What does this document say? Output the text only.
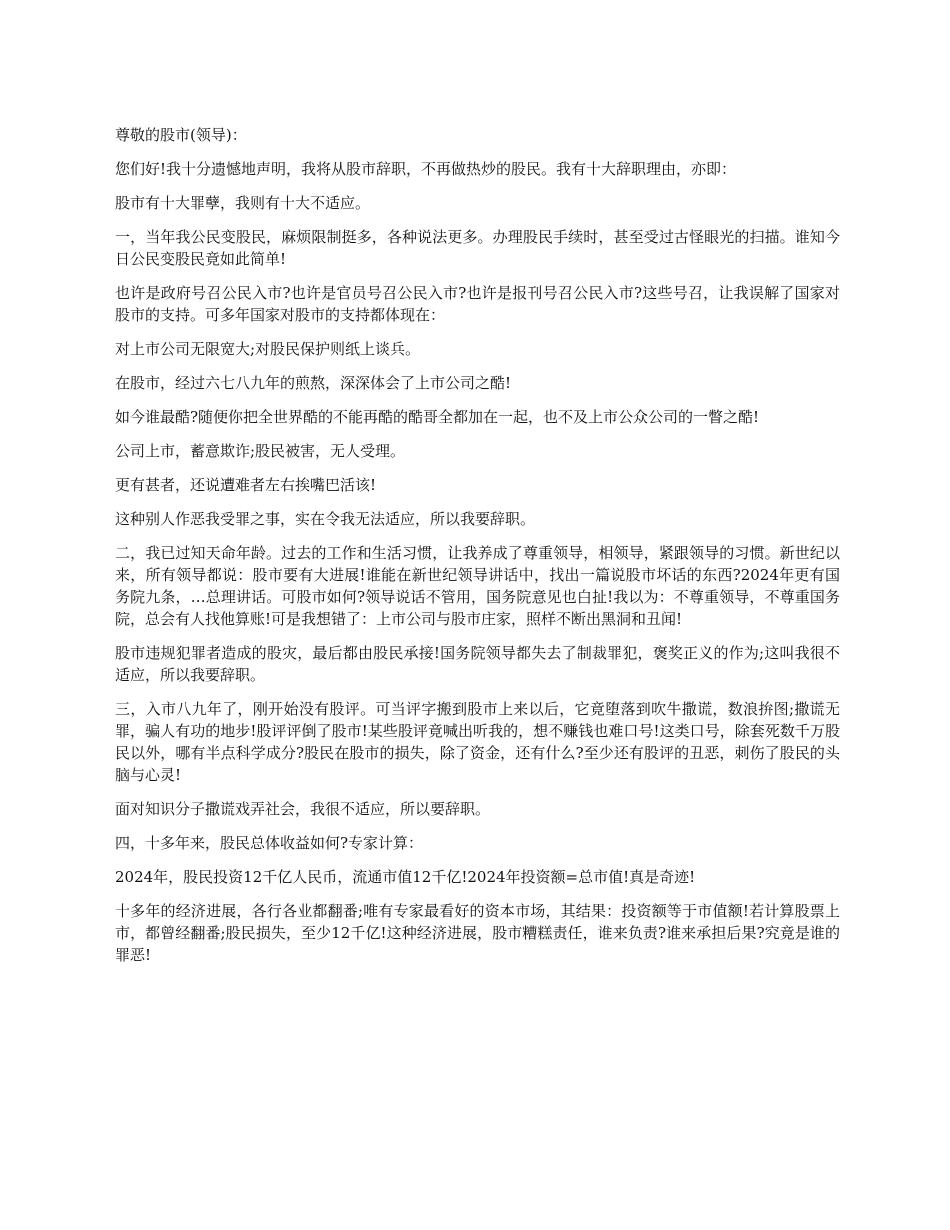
尊敬的股市(领导)：

您们好!我十分遗憾地声明，我将从股市辞职，不再做热炒的股民。我有十大辞职理由，亦即：

股市有十大罪孽，我则有十大不适应。

一，当年我公民变股民，麻烦限制挺多，各种说法更多。办理股民手续时，甚至受过古怪眼光的扫描。谁知今日公民变股民竟如此简单!

也许是政府号召公民入市?也许是官员号召公民入市?也许是报刊号召公民入市?这些号召，让我误解了国家对股市的支持。可多年国家对股市的支持都体现在：

对上市公司无限宽大;对股民保护则纸上谈兵。

在股市，经过六七八九年的煎熬，深深体会了上市公司之酷!

如今谁最酷?随便你把全世界酷的不能再酷的酷哥全都加在一起，也不及上市公众公司的一瞥之酷!

公司上市，蓄意欺诈;股民被害，无人受理。

更有甚者，还说遭难者左右挨嘴巴活该!

这种别人作恶我受罪之事，实在令我无法适应，所以我要辞职。

二，我已过知天命年龄。过去的工作和生活习惯，让我养成了尊重领导，相领导，紧跟领导的习惯。新世纪以来，所有领导都说：股市要有大进展!谁能在新世纪领导讲话中，找出一篇说股市坏话的东西?2024年更有国务院九条，…总理讲话。可股市如何?领导说话不管用，国务院意见也白扯!我以为：不尊重领导，不尊重国务院，总会有人找他算账!可是我想错了：上市公司与股市庄家，照样不断出黑洞和丑闻!

股市违规犯罪者造成的股灾，最后都由股民承接!国务院领导都失去了制裁罪犯，褒奖正义的作为;这叫我很不适应，所以我要辞职。

三，入市八九年了，刚开始没有股评。可当评字搬到股市上来以后，它竟堕落到吹牛撒谎，数浪拚图;撒谎无罪，骗人有功的地步!股评评倒了股市!某些股评竟喊出听我的，想不赚钱也难口号!这类口号，除套死数千万股民以外，哪有半点科学成分?股民在股市的损失，除了资金，还有什么?至少还有股评的丑恶，刺伤了股民的头脑与心灵!

面对知识分子撒谎戏弄社会，我很不适应，所以要辞职。

四，十多年来，股民总体收益如何?专家计算：

2024年，股民投资12千亿人民币，流通市值12千亿!2024年投资额=总市值!真是奇迹!

十多年的经济进展，各行各业都翻番;唯有专家最看好的资本市场，其结果：投资额等于市值额!若计算股票上市，都曾经翻番;股民损失，至少12千亿!这种经济进展，股市糟糕责任，谁来负责?谁来承担后果?究竟是谁的罪恶!
